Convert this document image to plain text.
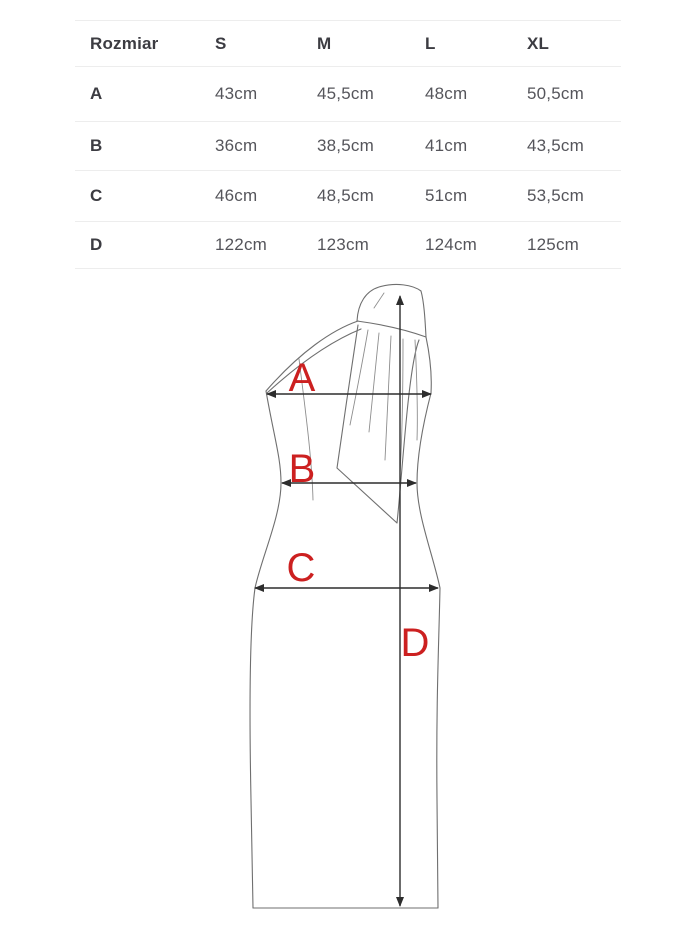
Rozmiar	S	M	L	XL
A	43cm	45,5cm	48cm	50,5cm
B	36cm	38,5cm	41cm	43,5cm
C	46cm	48,5cm	51cm	53,5cm
D	122cm	123cm	124cm	125cm
A
B
C
D
